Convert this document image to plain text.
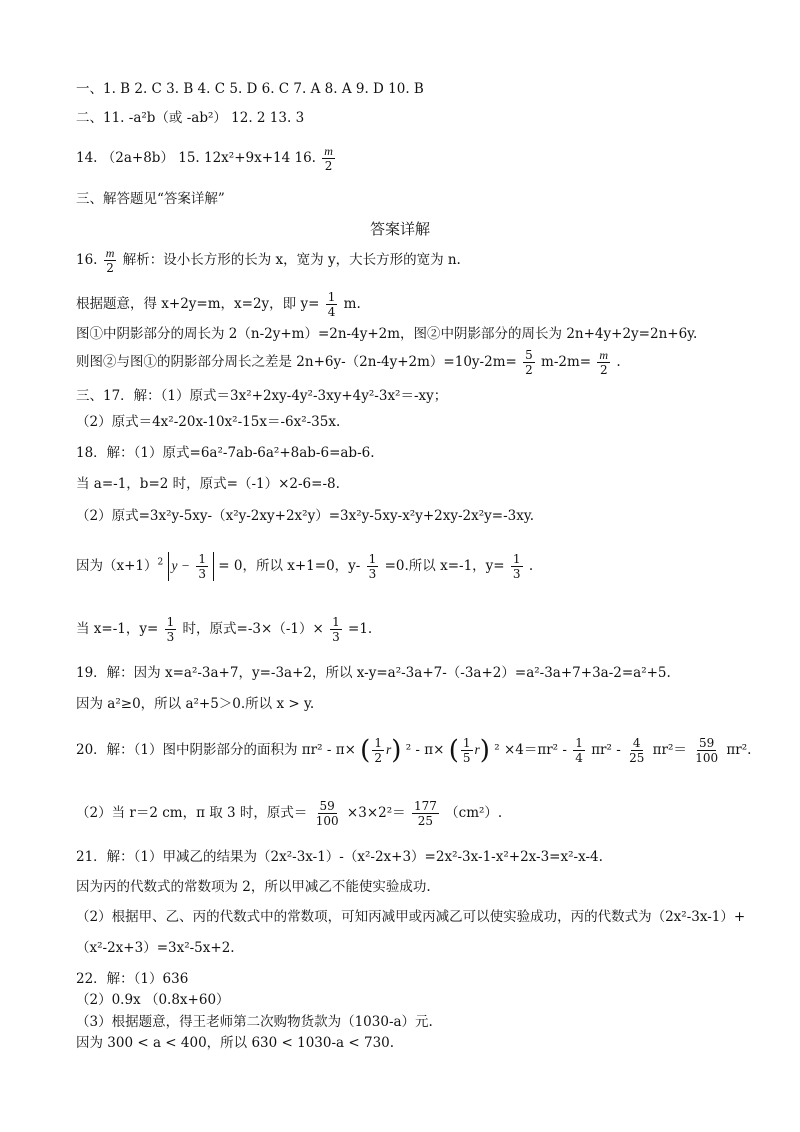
一、1. B 2. C 3. B 4. C 5. D 6. C 7. A 8. A 9. D 10. B
二、11. -a²b（或 -ab²） 12. 2 13. 3
14. （2a+8b） 15. 12x²+9x+14 16. $\frac{m}{2}$
三、解答题见“答案详解”
答案详解
16. $\frac{m}{2}$ 解析：设小长方形的长为 x，宽为 y，大长方形的宽为 n.
根据题意，得 x+2y=m，x=2y，即 $y= \frac{1}{4} m$.
图①中阴影部分的周长为 2（n-2y+m）=2n-4y+2m，图②中阴影部分的周长为 2n+4y+2y=2n+6y.
则图②与图①的阴影部分周长之差是 $2n+6y-(2n-4y+2m)=10y-2m= \frac{5}{2} m-2m= \frac{m}{2}$ .
三、17．解：（1）原式＝3x²+2xy-4y²-3xy+4y²-3x²＝-xy；
（2）原式＝4x²-20x-10x²-15x＝-6x²-35x.
18．解：（1）原式=6a²-7ab-6a²+8ab-6=ab-6.
当 a=-1，b=2 时，原式=（-1）×2-6=-8.
（2）原式=3x²y-5xy-（x²y-2xy+2x²y）=3x²y-5xy-x²y+2xy-2x²y=-3xy.
因为$(x+1)^2$ $y - \frac{1}{3} = 0$，所以 x+1=0，$y- \frac{1}{3} =0$.所以 x=-1，$y= \frac{1}{3}$ .
当 x=-1，$y= \frac{1}{3}$ 时，原式$=-3\times(-1)\times \frac{1}{3} =1$.
19．解：因为 x=a²-3a+7，y=-3a+2，所以 x-y=a²-3a+7-（-3a+2）=a²-3a+7+3a-2=a²+5.
因为 a²≥0，所以 a²+5＞0.所以 x > y.
20．解：（1）图中阴影部分的面积为 πr² - π× ( $\frac{1}{2} r$) ² - π× ( $\frac{1}{5} r$) $^2 \times 4=\pi r^2 - \frac{1}{4} \pi r^2 - \frac{4}{25} \pi r^2= \frac{59}{100} \pi r^2$.
（2）当 r＝2 cm，π 取 3 时，原式＝ $\frac{59}{100} \times 3\times 2^2= \frac{177}{25} (cm^2)$.
21．解：（1）甲减乙的结果为（2x²-3x-1）-（x²-2x+3）=2x²-3x-1-x²+2x-3=x²-x-4.
因为丙的代数式的常数项为 2，所以甲减乙不能使实验成功.
（2）根据甲、乙、丙的代数式中的常数项，可知丙减甲或丙减乙可以使实验成功，丙的代数式为（2x²-3x-1）+
（x²-2x+3）=3x²-5x+2.
22．解：（1）636
（2）0.9x （0.8x+60）
（3）根据题意，得王老师第二次购物货款为（1030-a）元.
因为 300 < a < 400，所以 630 < 1030-a < 730.
